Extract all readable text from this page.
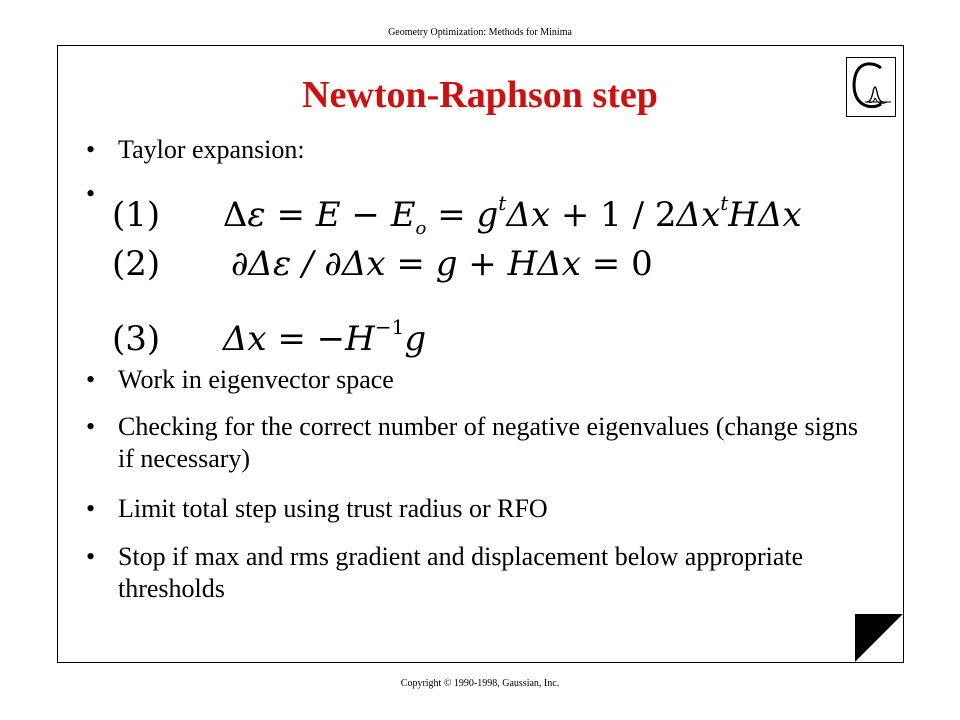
Geometry Optimization: Methods for Minima
Newton-Raphson step
• Taylor expansion:
•
(1) $\Delta\varepsilon = E - E_o = g^t\Delta x + 1 / 2\Delta x^tH\Delta x$
(2) ∂Δε / ∂Δx = g + HΔx = 0
(3) $\Delta x = -H^{-1}g$
• Work in eigenvector space
• Checking for the correct number of negative eigenvalues (change signs if necessary)
• Limit total step using trust radius or RFO
• Stop if max and rms gradient and displacement below appropriate thresholds
Copyright © 1990-1998, Gaussian, Inc.
